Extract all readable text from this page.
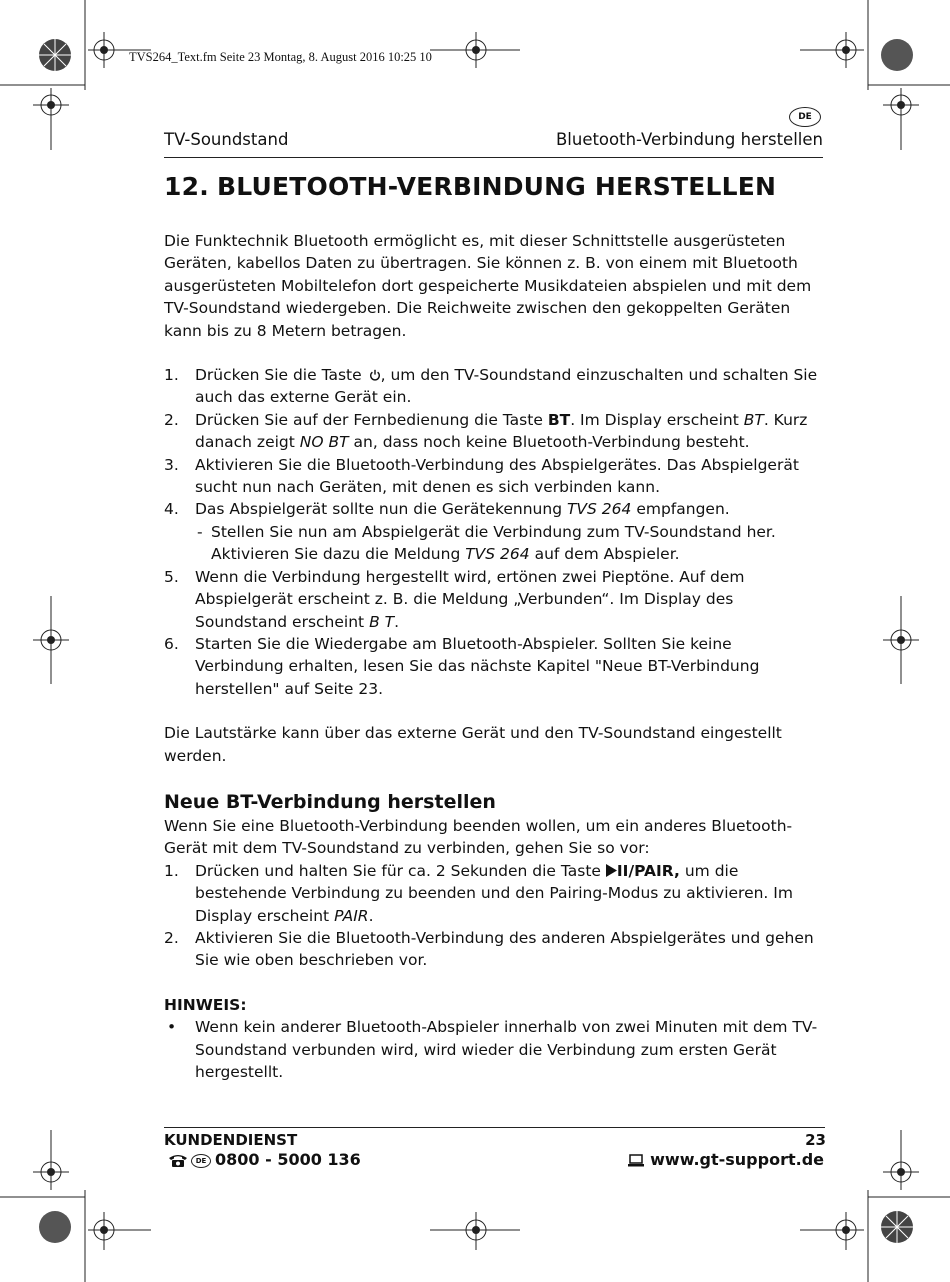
TVS264_Text.fm Seite 23 Montag, 8. August 2016 10:25 10
DE
TV-Soundstand	Bluetooth-Verbindung herstellen
12. BLUETOOTH-VERBINDUNG HERSTELLEN

Die Funktechnik Bluetooth ermöglicht es, mit dieser Schnittstelle ausgerüsteten Geräten, kabellos Daten zu übertragen. Sie können z. B. von einem mit Bluetooth ausgerüsteten Mobiltelefon dort gespeicherte Musikdateien abspielen und mit dem TV-Soundstand wiedergeben. Die Reichweite zwischen den gekoppelten Geräten kann bis zu 8 Metern betragen.

1. Drücken Sie die Taste , um den TV-Soundstand einzuschalten und schalten Sie auch das externe Gerät ein.
2. Drücken Sie auf der Fernbedienung die Taste BT. Im Display erscheint BT. Kurz danach zeigt NO BT an, dass noch keine Bluetooth-Verbindung besteht.
3. Aktivieren Sie die Bluetooth-Verbindung des Abspielgerätes. Das Abspielgerät sucht nun nach Geräten, mit denen es sich verbinden kann.
4. Das Abspielgerät sollte nun die Gerätekennung TVS 264 empfangen.
- Stellen Sie nun am Abspielgerät die Verbindung zum TV-Soundstand her. Aktivieren Sie dazu die Meldung TVS 264 auf dem Abspieler.
5. Wenn die Verbindung hergestellt wird, ertönen zwei Pieptöne. Auf dem Abspielgerät erscheint z. B. die Meldung „Verbunden“. Im Display des Soundstand erscheint B T.
6. Starten Sie die Wiedergabe am Bluetooth-Abspieler. Sollten Sie keine Verbindung erhalten, lesen Sie das nächste Kapitel "Neue BT-Verbindung herstellen" auf Seite 23.

Die Lautstärke kann über das externe Gerät und den TV-Soundstand eingestellt werden.

Neue BT-Verbindung herstellen

Wenn Sie eine Bluetooth-Verbindung beenden wollen, um ein anderes Bluetooth-Gerät mit dem TV-Soundstand zu verbinden, gehen Sie so vor:

1. Drücken und halten Sie für ca. 2 Sekunden die Taste II/PAIR, um die bestehende Verbindung zu beenden und den Pairing-Modus zu aktivieren. Im Display erscheint PAIR.
2. Aktivieren Sie die Bluetooth-Verbindung des anderen Abspielgerätes und gehen Sie wie oben beschrieben vor.

HINWEIS:

• Wenn kein anderer Bluetooth-Abspieler innerhalb von zwei Minuten mit dem TV-Soundstand verbunden wird, wird wieder die Verbindung zum ersten Gerät hergestellt.
KUNDENDIENST	23
DE 0800 - 5000 136	www.gt-support.de
